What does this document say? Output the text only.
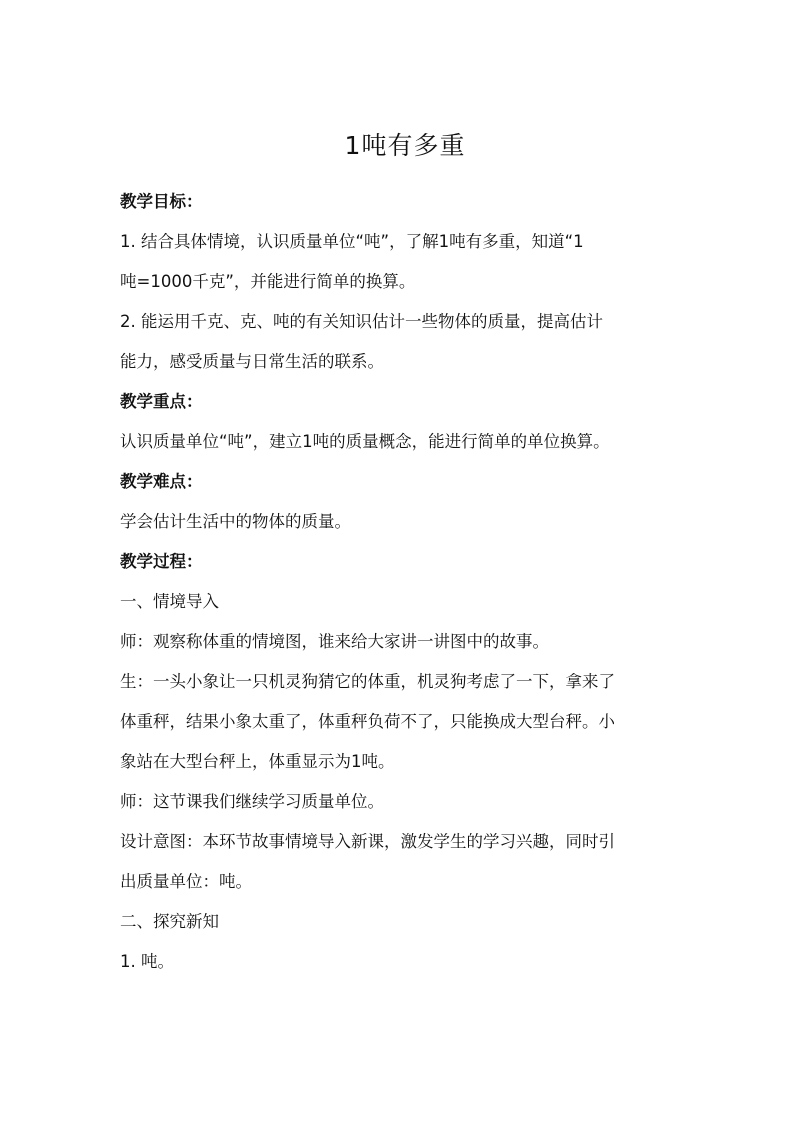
1吨有多重

教学目标：

1. 结合具体情境，认识质量单位“吨”，了解1吨有多重，知道“1

吨=1000千克”，并能进行简单的换算。

2. 能运用千克、克、吨的有关知识估计一些物体的质量，提高估计

能力，感受质量与日常生活的联系。

教学重点：

认识质量单位“吨”，建立1吨的质量概念，能进行简单的单位换算。

教学难点：

学会估计生活中的物体的质量。

教学过程：

一、情境导入

师：观察称体重的情境图，谁来给大家讲一讲图中的故事。

生：一头小象让一只机灵狗猜它的体重，机灵狗考虑了一下，拿来了

体重秤，结果小象太重了，体重秤负荷不了，只能换成大型台秤。小

象站在大型台秤上，体重显示为1吨。

师：这节课我们继续学习质量单位。

设计意图：本环节故事情境导入新课，激发学生的学习兴趣，同时引

出质量单位：吨。

二、探究新知

1. 吨。
